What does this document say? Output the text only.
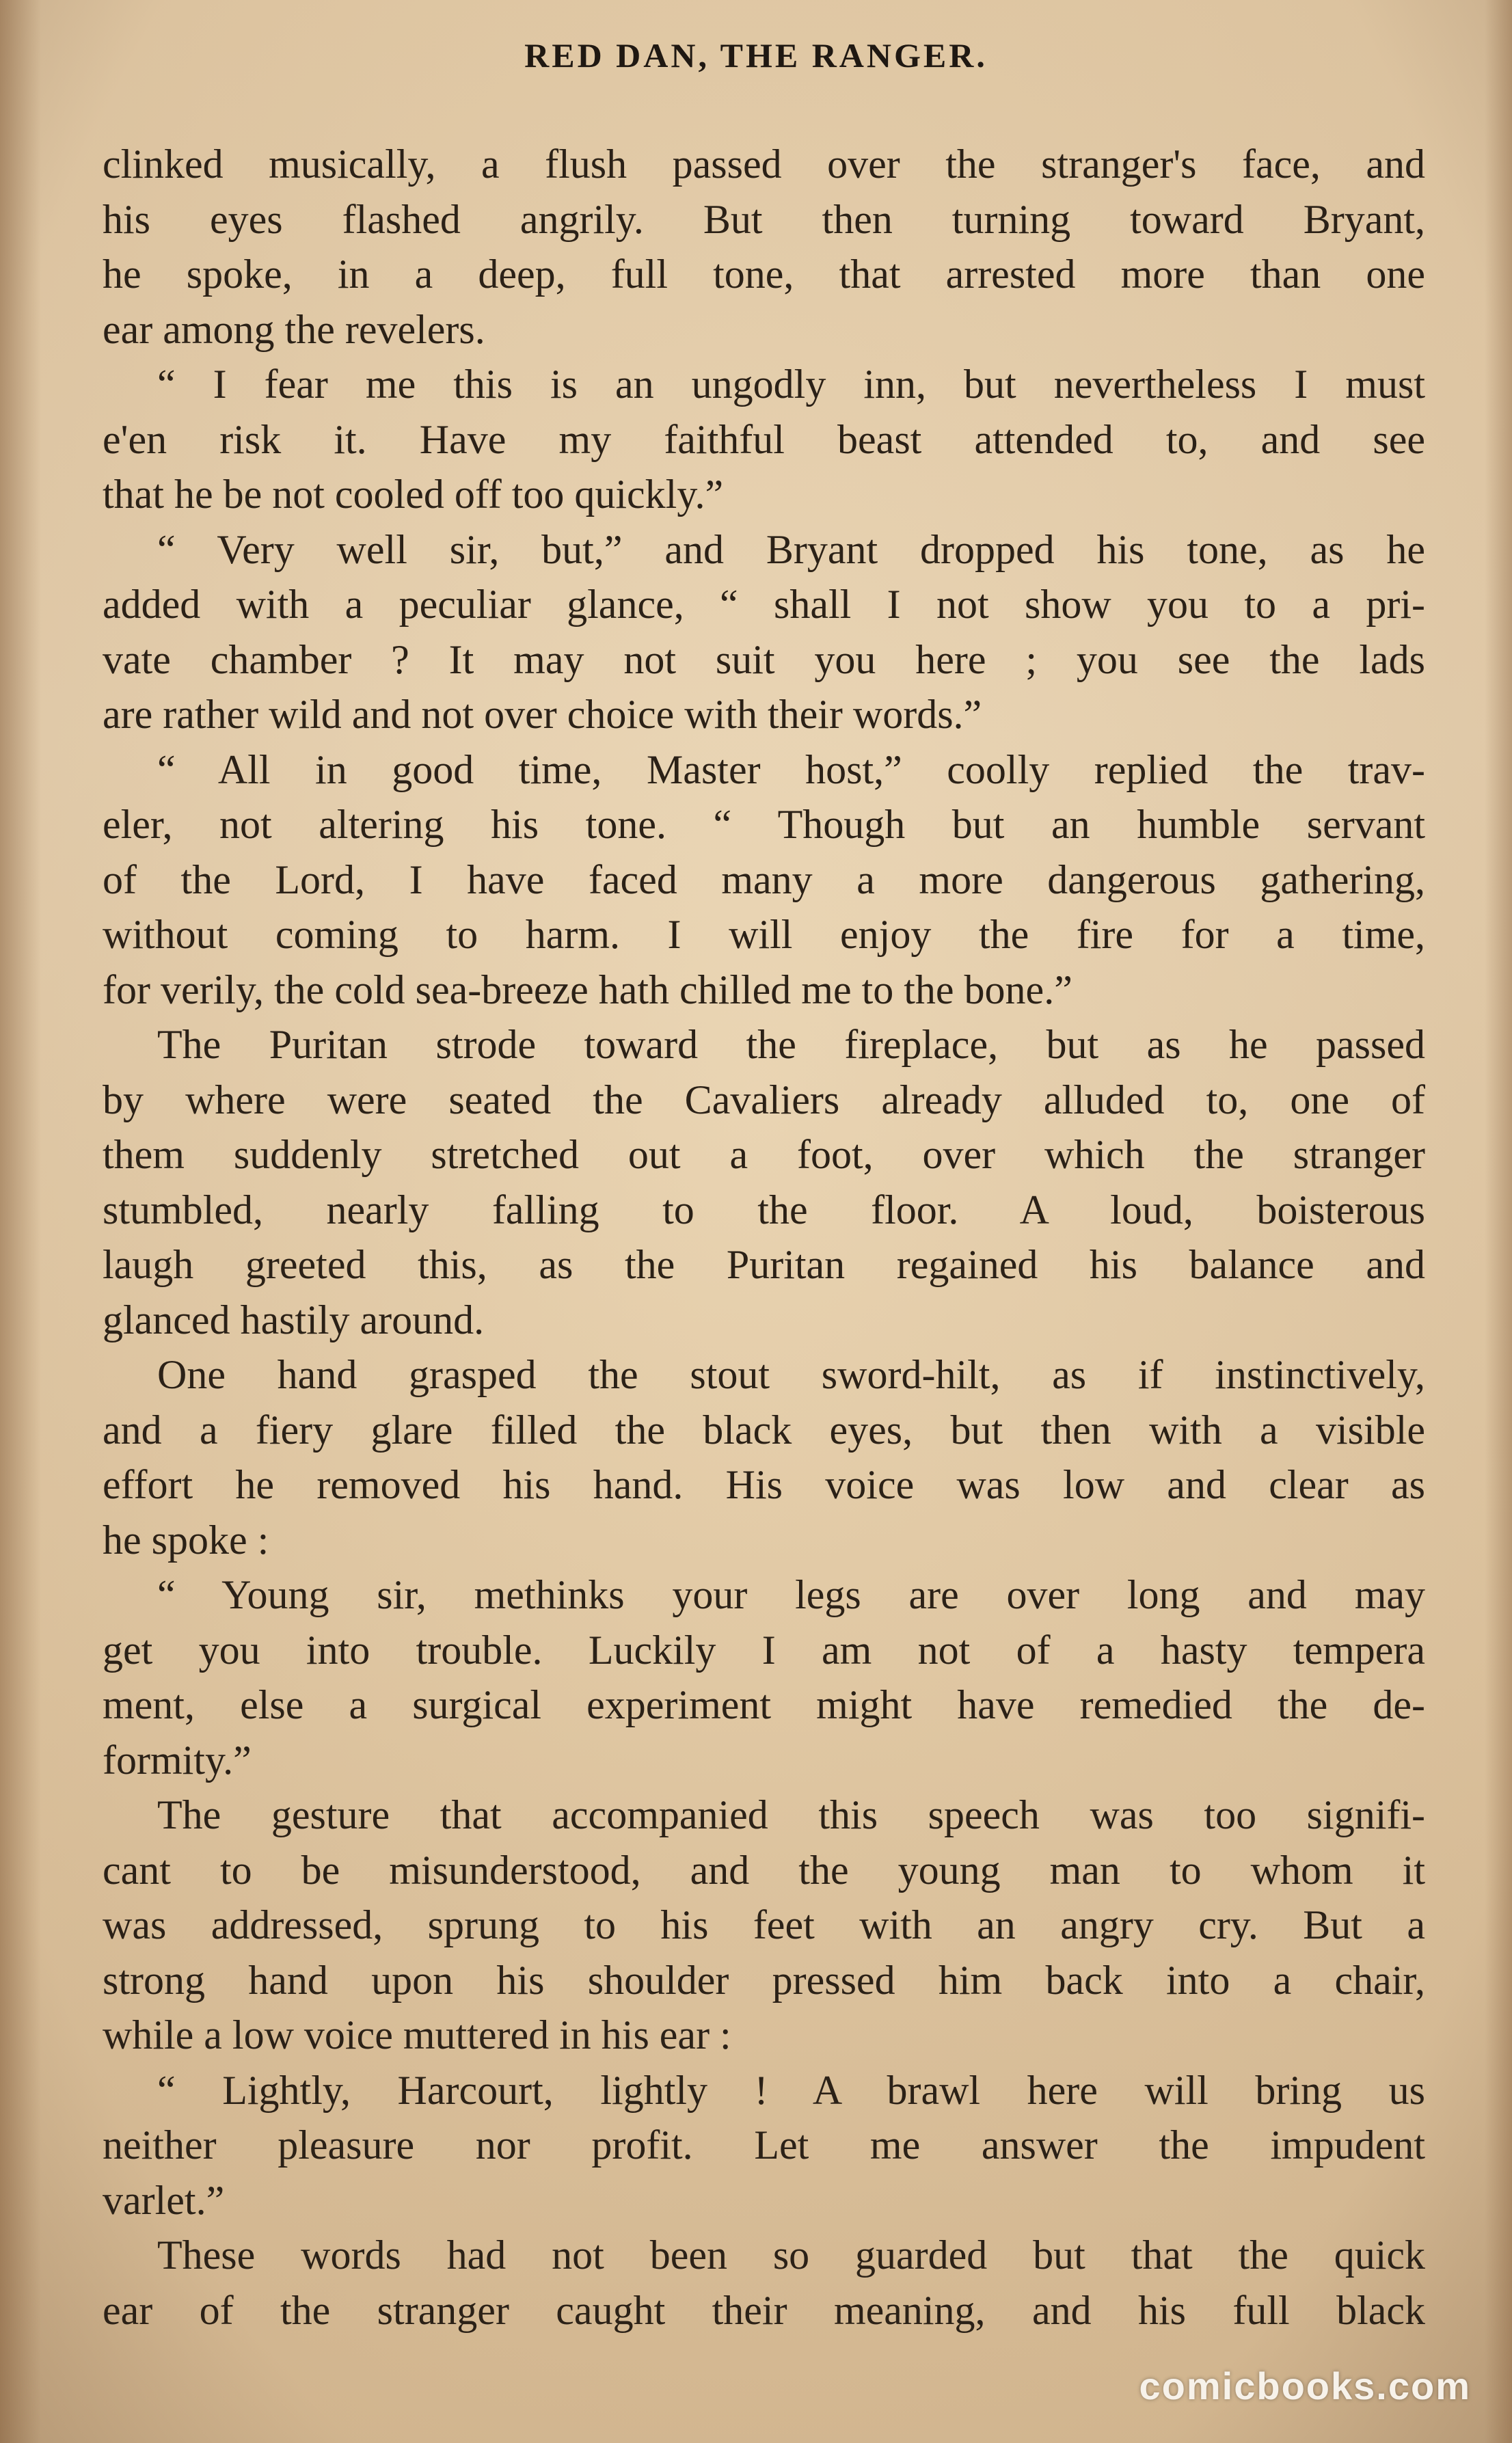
RED DAN, THE RANGER.
clinked musically, a flush passed over the stranger's face, and
his eyes flashed angrily. But then turning toward Bryant,
he spoke, in a deep, full tone, that arrested more than one
ear among the revelers.
“ I fear me this is an ungodly inn, but nevertheless I must
e'en risk it. Have my faithful beast attended to, and see
that he be not cooled off too quickly.”
“ Very well sir, but,” and Bryant dropped his tone, as he
added with a peculiar glance, “ shall I not show you to a pri-
vate chamber ? It may not suit you here ; you see the lads
are rather wild and not over choice with their words.”
“ All in good time, Master host,” coolly replied the trav-
eler, not altering his tone. “ Though but an humble servant
of the Lord, I have faced many a more dangerous gathering,
without coming to harm. I will enjoy the fire for a time,
for verily, the cold sea-breeze hath chilled me to the bone.”
The Puritan strode toward the fireplace, but as he passed
by where were seated the Cavaliers already alluded to, one of
them suddenly stretched out a foot, over which the stranger
stumbled, nearly falling to the floor. A loud, boisterous
laugh greeted this, as the Puritan regained his balance and
glanced hastily around.
One hand grasped the stout sword-hilt, as if instinctively,
and a fiery glare filled the black eyes, but then with a visible
effort he removed his hand. His voice was low and clear as
he spoke :
“ Young sir, methinks your legs are over long and may
get you into trouble. Luckily I am not of a hasty tempera
ment, else a surgical experiment might have remedied the de-
formity.”
The gesture that accompanied this speech was too signifi-
cant to be misunderstood, and the young man to whom it
was addressed, sprung to his feet with an angry cry. But a
strong hand upon his shoulder pressed him back into a chair,
while a low voice muttered in his ear :
“ Lightly, Harcourt, lightly ! A brawl here will bring us
neither pleasure nor profit. Let me answer the impudent
varlet.”
These words had not been so guarded but that the quick
ear of the stranger caught their meaning, and his full black
comicbooks.com
